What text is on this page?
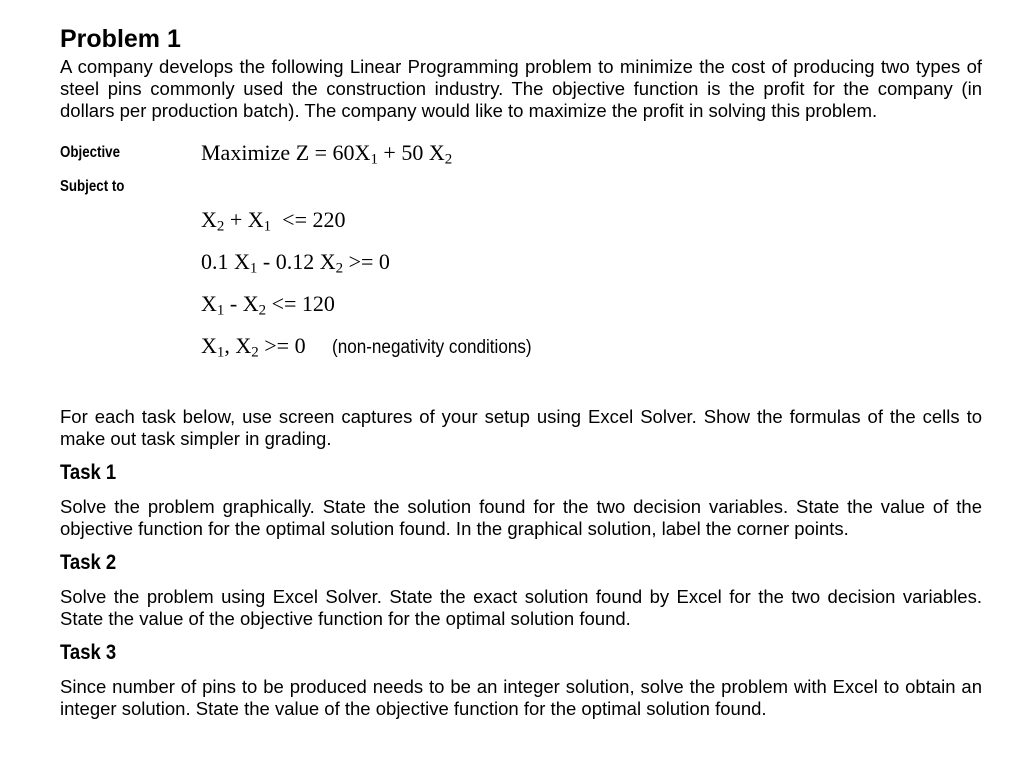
Problem 1

A company develops the following Linear Programming problem to minimize the cost of producing two types of steel pins commonly used the construction industry. The objective function is the profit for the company (in dollars per production batch). The company would like to maximize the profit in solving this problem.

Objective	Maximize $Z = 60X_1 + 50$ $X_2$
Subject to
$X_2 + X_1 <= 220$
0.1 $X_1 - 0.12$ $X_2 >= 0$
$X_1 - X_2 <= 120$
$X_1$, $X_2 >= 0$ (non-negativity conditions)

For each task below, use screen captures of your setup using Excel Solver. Show the formulas of the cells to make out task simpler in grading.

Task 1

Solve the problem graphically. State the solution found for the two decision variables. State the value of the objective function for the optimal solution found. In the graphical solution, label the corner points.

Task 2

Solve the problem using Excel Solver. State the exact solution found by Excel for the two decision variables. State the value of the objective function for the optimal solution found.

Task 3

Since number of pins to be produced needs to be an integer solution, solve the problem with Excel to obtain an integer solution. State the value of the objective function for the optimal solution found.
